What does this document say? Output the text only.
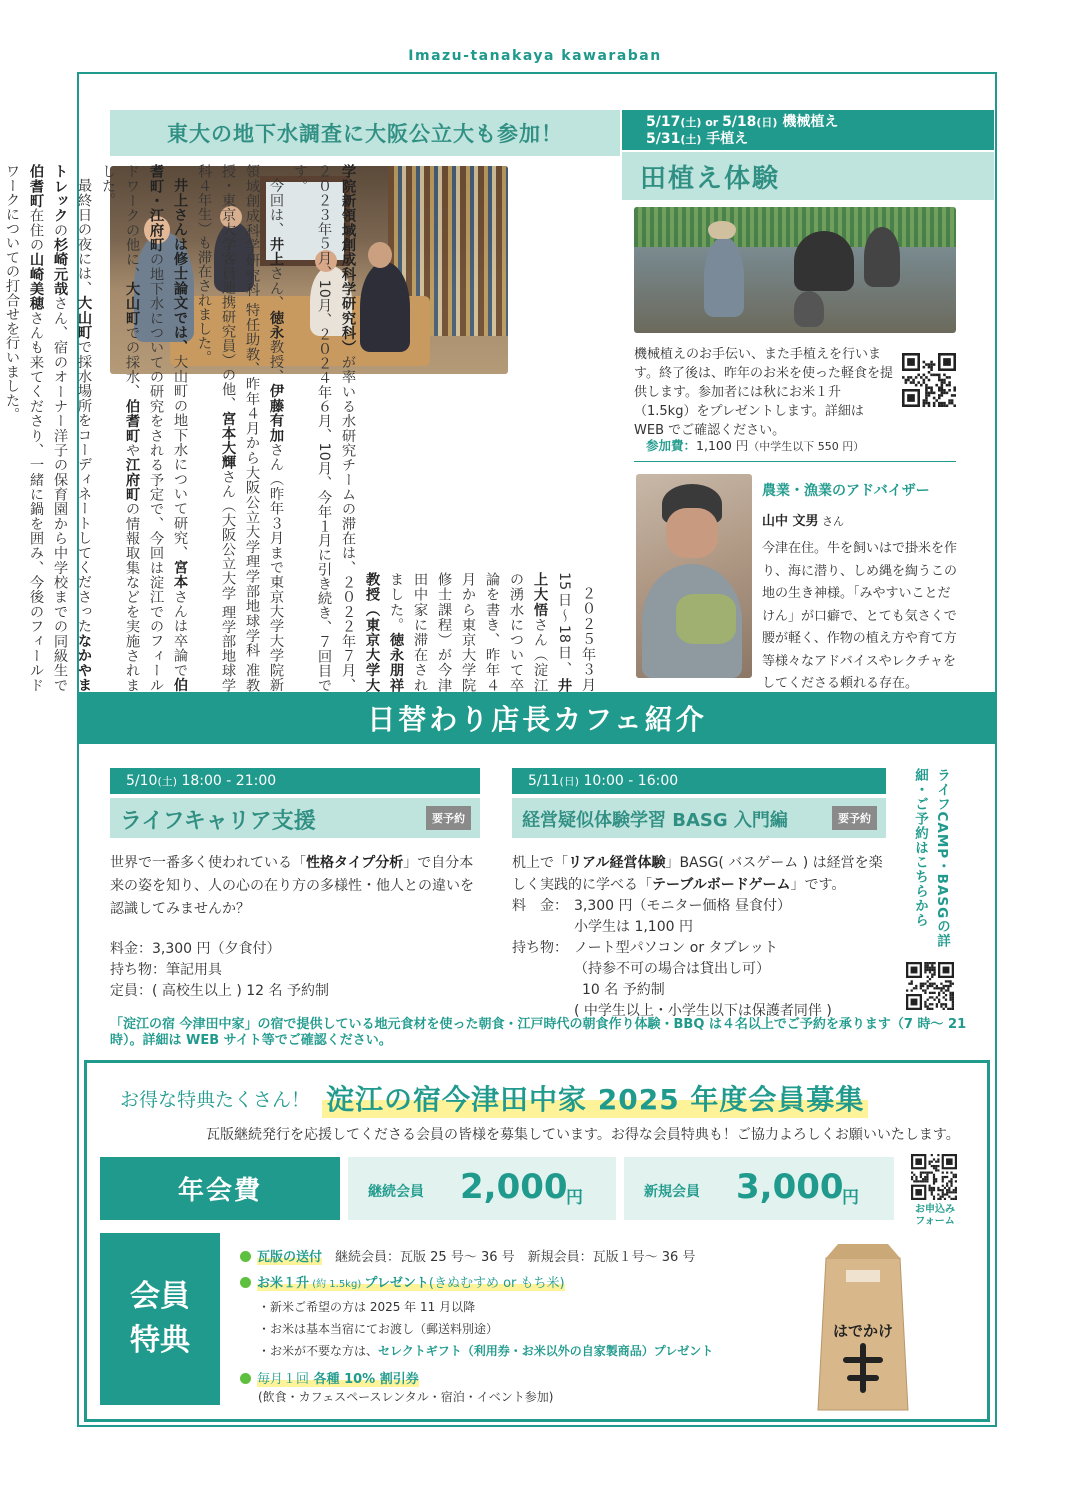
Imazu-tanakaya kawaraban
東大の地下水調査に大阪公立大も参加！

２０２５年３月15日〜18日、井上大悟さん（淀江の湧水について卒論を書き、昨年４月から東京大学院修士課程）が今津田中家に滞在されました。徳永朋祥教授（東京大学大学院新領域創成科学研究科）が率いる水研究チームの滞在は、２０２２年７月、２０２３年５月、10月、２０２４年６月、10月、今年１月に引き続き、７回目です。

今回は、井上さん、徳永教授、伊藤有加さん（昨年３月まで東京大学大学院新領域創成科学研究科 特任助教、昨年４月から大阪公立大学理学部地球学科 准教授・東京大学客員連携研究員）の他、宮本大輝さん（大阪公立大学 理学部地球学科４年生）も滞在されました。

井上さんは修士論文では、大山町の地下水について研究、宮本さんは卒論で伯耆町・江府町の地下水についての研究をされる予定で、今回は淀江でのフィールドワークの他に、大山町での採水、伯耆町や江府町の情報取集などを実施されました。

最終日の夜には、大山町で採水場所をコーディネートしてくださったなかやまトレックの杉崎元哉さん、宿のオーナー洋子の保育園から中学校までの同級生で伯耆町在住の山崎美穂さんも来てくださり、一緒に鍋を囲み、今後のフィールドワークについての打合せを行いました。

5/17(土) or 5/18(日) 機械植え
5/31(土) 手植え
田植え体験
機械植えのお手伝い、また手植えを行います。終了後は、昨年のお米を使った軽食を提供します。参加者には秋にお米１升（1.5kg）をプレゼントします。詳細は WEB でご確認ください。
参加費：1,100 円（中学生以下 550 円）
農業・漁業のアドバイザー
山中 文男 さん
今津在住。牛を飼いはで掛米を作り、海に潜り、しめ縄を綯うこの地の生き神様。「みやすいことだけん」が口癖で、とても気さくで腰が軽く、作物の植え方や育て方等様々なアドバイスやレクチャをしてくださる頼れる存在。
日替わり店長カフェ紹介
5/10(土) 18:00 - 21:00
ライフキャリア支援	要予約
世界で一番多く使われている「性格タイプ分析」で自分本来の姿を知り、人の心の在り方の多様性・他人との違いを認識してみませんか？
料金：3,300 円（夕食付）
持ち物：筆記用具
定員：( 高校生以上 ) 12 名 予約制
5/11(日) 10:00 - 16:00
経営疑似体験学習 BASG 入門編	要予約
机上で「リアル経営体験」BASG( バスゲーム ) は経営を楽しく実践的に学べる「テーブルボードゲーム」です。
料　金： 3,300 円（モニター価格 昼食付）
小学生は 1,100 円
持ち物： ノート型パソコン or タブレット
（持参不可の場合は貸出し可）
10 名 予約制
( 中学生以上・小学生以下は保護者同伴 )
ライフCAMP・BASGの詳細・ご予約はこちらから
「淀江の宿 今津田中家」の宿で提供している地元食材を使った朝食・江戸時代の朝食作り体験・BBQ は４名以上でご予約を承ります（7 時〜 21 時）。詳細は WEB サイト等でご確認ください。
お得な特典たくさん！ 淀江の宿今津田中家 2025 年度会員募集
瓦版継続発行を応援してくださる会員の皆様を募集しています。お得な会員特典も！ご協力よろしくお願いいたします。
年会費	継続会員 2,000
円	新規会員 3,000
円
お申込み
フォーム
会員
特典
瓦版の送付　継続会員：瓦版 25 号〜 36 号　新規会員：瓦版１号〜 36 号
お米１升 (約 1.5kg) プレゼント(きぬむすめ or もち米)
・新米ご希望の方は 2025 年 11 月以降
・お米は基本当宿にてお渡し（郵送料別途）
・お米が不要な方は、セレクトギフト（利用券・お米以外の自家製商品）プレゼント
毎月１回 各種 10% 割引券
(飲食・カフェスペースレンタル・宿泊・イベント参加)
はでかけ
